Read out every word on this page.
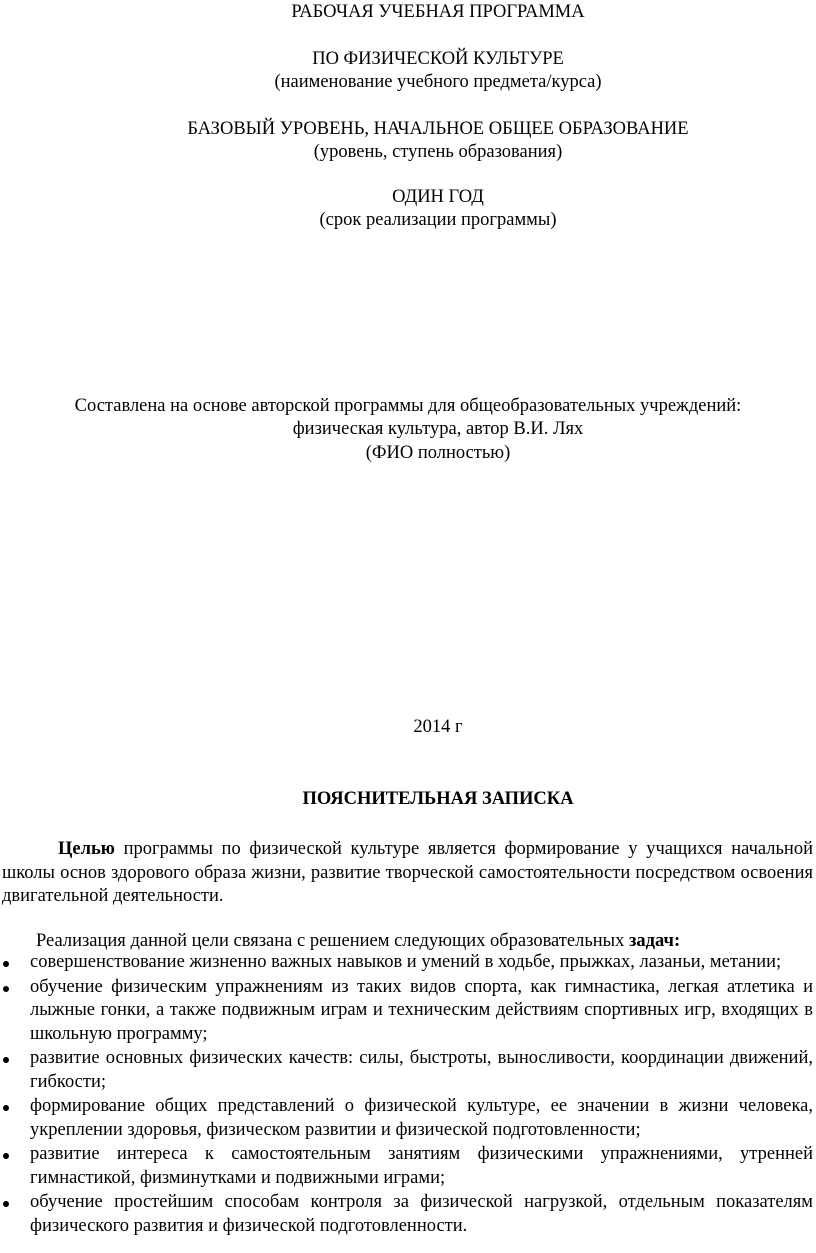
РАБОЧАЯ УЧЕБНАЯ ПРОГРАММА
ПО ФИЗИЧЕСКОЙ КУЛЬТУРЕ
(наименование учебного предмета/курса)
БАЗОВЫЙ УРОВЕНЬ, НАЧАЛЬНОЕ ОБЩЕЕ ОБРАЗОВАНИЕ
(уровень, ступень образования)
ОДИН ГОД
(срок реализации программы)
Составлена на основе авторской программы для общеобразовательных учреждений:
физическая культура, автор В.И. Лях
(ФИО полностью)
2014 г
ПОЯСНИТЕЛЬНАЯ ЗАПИСКА
Целью программы по физической культуре является формирование у учащихся начальной школы основ здорового образа жизни, развитие творческой самостоятельности посредством освоения двигательной деятельности.
Реализация данной цели связана с решением следующих образовательных задач:
совершенствование жизненно важных навыков и умений в ходьбе, прыжках, лазаньи, метании;
обучение физическим упражнениям из таких видов спорта, как гимнастика, легкая атлетика и лыжные гонки, а также подвижным играм и техническим действиям спортивных игр, входящих в школьную программу;
развитие основных физических качеств: силы, быстроты, выносливости, координации движений, гибкости;
формирование общих представлений о физической культуре, ее значении в жизни человека, укреплении здоровья, физическом развитии и физической подготовленности;
развитие интереса к самостоятельным занятиям физическими упражнениями, утренней гимнастикой, физминутками и подвижными играми;
обучение простейшим способам контроля за физической нагрузкой, отдельным показателям физического развития и физической подготовленности.
